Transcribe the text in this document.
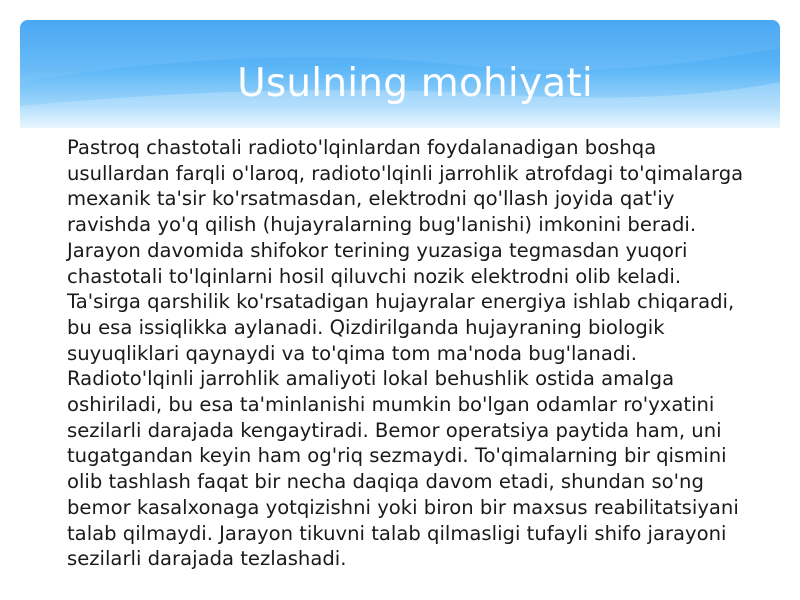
Usulning mohiyati

Pastroq chastotali radioto'lqinlardan foydalanadigan boshqa usullardan farqli o'laroq, radioto'lqinli jarrohlik atrofdagi to'qimalarga mexanik ta'sir ko'rsatmasdan, elektrodni qo'llash joyida qat'iy ravishda yo'q qilish (hujayralarning bug'lanishi) imkonini beradi. Jarayon davomida shifokor terining yuzasiga tegmasdan yuqori chastotali to'lqinlarni hosil qiluvchi nozik elektrodni olib keladi. Ta'sirga qarshilik ko'rsatadigan hujayralar energiya ishlab chiqaradi, bu esa issiqlikka aylanadi. Qizdirilganda hujayraning biologik suyuqliklari qaynaydi va to'qima tom ma'noda bug'lanadi. Radioto'lqinli jarrohlik amaliyoti lokal behushlik ostida amalga oshiriladi, bu esa ta'minlanishi mumkin bo'lgan odamlar ro'yxatini sezilarli darajada kengaytiradi. Bemor operatsiya paytida ham, uni tugatgandan keyin ham og'riq sezmaydi. To'qimalarning bir qismini olib tashlash faqat bir necha daqiqa davom etadi, shundan so'ng bemor kasalxonaga yotqizishni yoki biron bir maxsus reabilitatsiyani talab qilmaydi. Jarayon tikuvni talab qilmasligi tufayli shifo jarayoni sezilarli darajada tezlashadi.
